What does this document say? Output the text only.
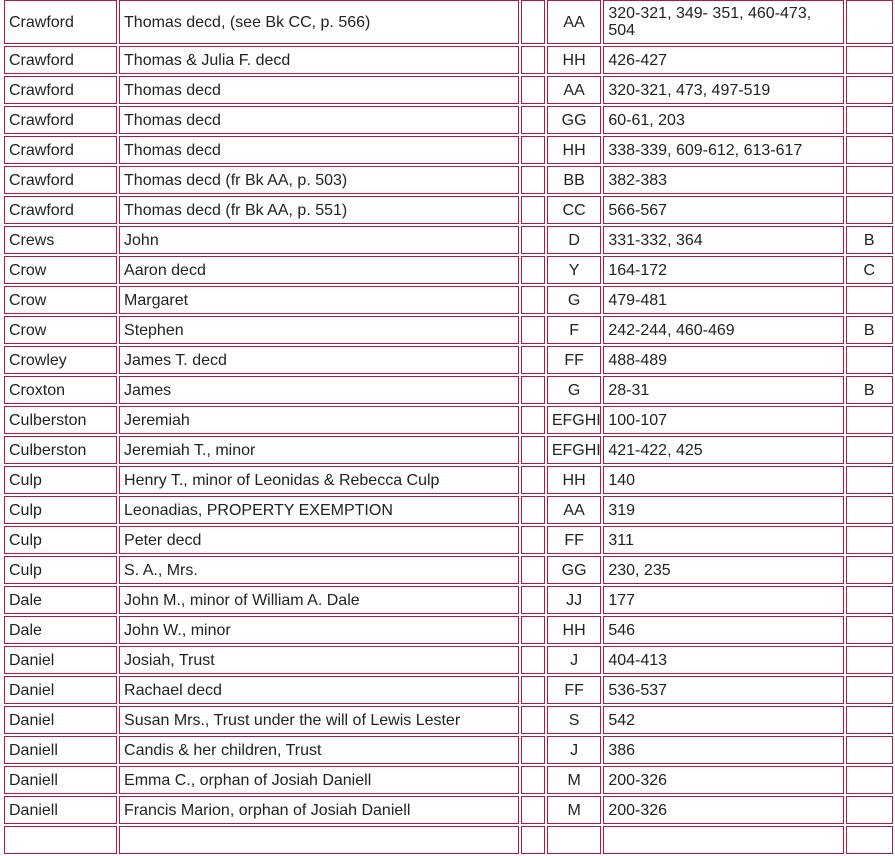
Crawford	Thomas decd, (see Bk CC, p. 566)		AA	320-321, 349- 351, 460-473, 504	
Crawford	Thomas & Julia F. decd		HH	426-427	
Crawford	Thomas decd		AA	320-321, 473, 497-519	
Crawford	Thomas decd		GG	60-61, 203	
Crawford	Thomas decd		HH	338-339, 609-612, 613-617	
Crawford	Thomas decd (fr Bk AA, p. 503)		BB	382-383	
Crawford	Thomas decd (fr Bk AA, p. 551)		CC	566-567	
Crews	John		D	331-332, 364	B
Crow	Aaron decd		Y	164-172	C
Crow	Margaret		G	479-481	
Crow	Stephen		F	242-244, 460-469	B
Crowley	James T. decd		FF	488-489	
Croxton	James		G	28-31	B
Culberston	Jeremiah		EFGHI	100-107	
Culberston	Jeremiah T., minor		EFGHI	421-422, 425	
Culp	Henry T., minor of Leonidas & Rebecca Culp		HH	140	
Culp	Leonadias, PROPERTY EXEMPTION		AA	319	
Culp	Peter decd		FF	311	
Culp	S. A., Mrs.		GG	230, 235	
Dale	John M., minor of William A. Dale		JJ	177	
Dale	John W., minor		HH	546	
Daniel	Josiah, Trust		J	404-413	
Daniel	Rachael decd		FF	536-537	
Daniel	Susan Mrs., Trust under the will of Lewis Lester		S	542	
Daniell	Candis & her children, Trust		J	386	
Daniell	Emma C., orphan of Josiah Daniell		M	200-326	
Daniell	Francis Marion, orphan of Josiah Daniell		M	200-326	
